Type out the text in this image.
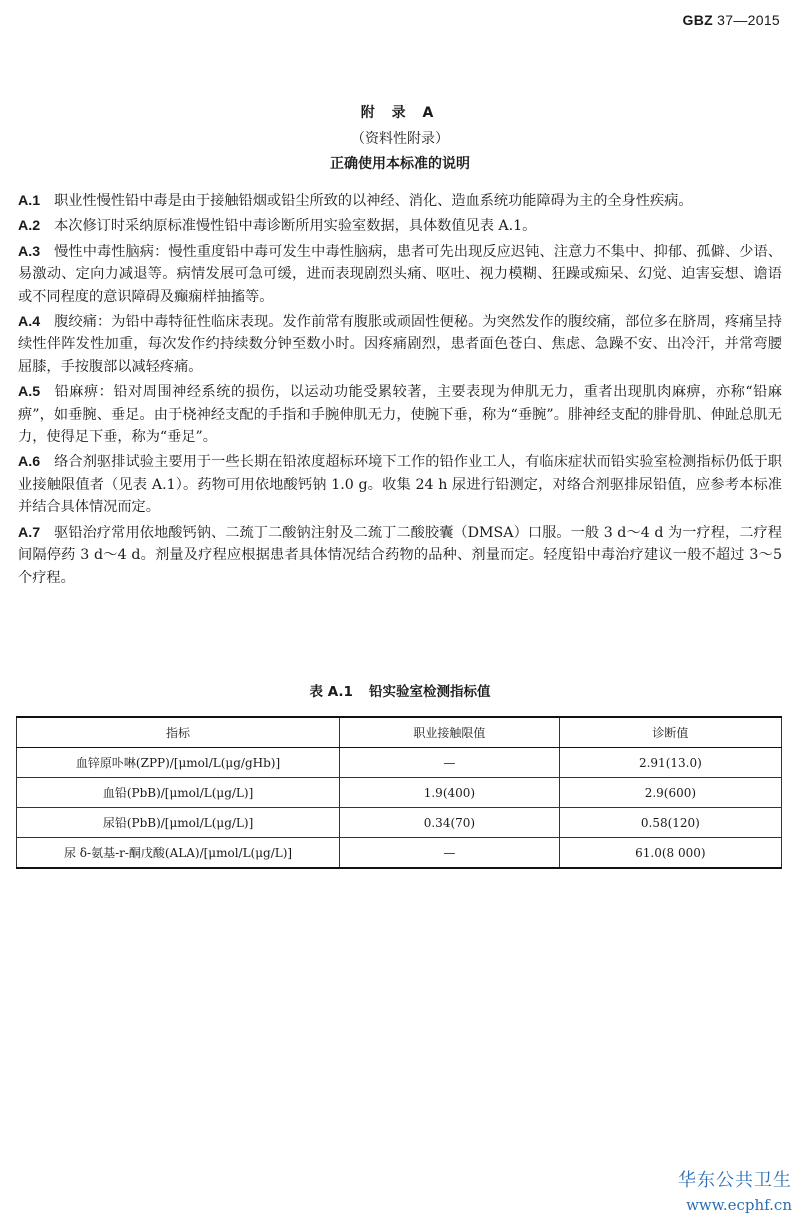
GBZ 37—2015
附 录 A
（资料性附录）
正确使用本标准的说明

A.1 职业性慢性铅中毒是由于接触铅烟或铅尘所致的以神经、消化、造血系统功能障碍为主的全身性疾病。

A.2 本次修订时采纳原标准慢性铅中毒诊断所用实验室数据，具体数值见表 A.1。

A.3 慢性中毒性脑病：慢性重度铅中毒可发生中毒性脑病，患者可先出现反应迟钝、注意力不集中、抑郁、孤僻、少语、易激动、定向力减退等。病情发展可急可缓，进而表现剧烈头痛、呕吐、视力模糊、狂躁或痴呆、幻觉、迫害妄想、谵语或不同程度的意识障碍及癫痫样抽搐等。

A.4 腹绞痛：为铅中毒特征性临床表现。发作前常有腹胀或顽固性便秘。为突然发作的腹绞痛，部位多在脐周，疼痛呈持续性伴阵发性加重，每次发作约持续数分钟至数小时。因疼痛剧烈，患者面色苍白、焦虑、急躁不安、出冷汗，并常弯腰屈膝，手按腹部以减轻疼痛。

A.5 铅麻痹：铅对周围神经系统的损伤，以运动功能受累较著，主要表现为伸肌无力，重者出现肌肉麻痹，亦称“铅麻痹”，如垂腕、垂足。由于桡神经支配的手指和手腕伸肌无力，使腕下垂，称为“垂腕”。腓神经支配的腓骨肌、伸趾总肌无力，使得足下垂，称为“垂足”。

A.6 络合剂驱排试验主要用于一些长期在铅浓度超标环境下工作的铅作业工人，有临床症状而铅实验室检测指标仍低于职业接触限值者（见表 A.1）。药物可用依地酸钙钠 1.0 g。收集 24 h 尿进行铅测定，对络合剂驱排尿铅值，应参考本标准并结合具体情况而定。

A.7 驱铅治疗常用依地酸钙钠、二巯丁二酸钠注射及二巯丁二酸胶囊（DMSA）口服。一般 3 d～4 d 为一疗程，二疗程间隔停药 3 d～4 d。剂量及疗程应根据患者具体情况结合药物的品种、剂量而定。轻度铅中毒治疗建议一般不超过 3～5 个疗程。

表 A.1 铅实验室检测指标值
指标	职业接触限值	诊断值
血锌原卟啉(ZPP)/[μmol/L(μg/gHb)]	—	2.91(13.0)
血铅(PbB)/[μmol/L(μg/L)]	1.9(400)	2.9(600)
尿铅(PbB)/[μmol/L(μg/L)]	0.34(70)	0.58(120)
尿 δ-氨基-r-酮戊酸(ALA)/[μmol/L(μg/L)]	—	61.0(8 000)
华东公共卫生
www.ecphf.cn
